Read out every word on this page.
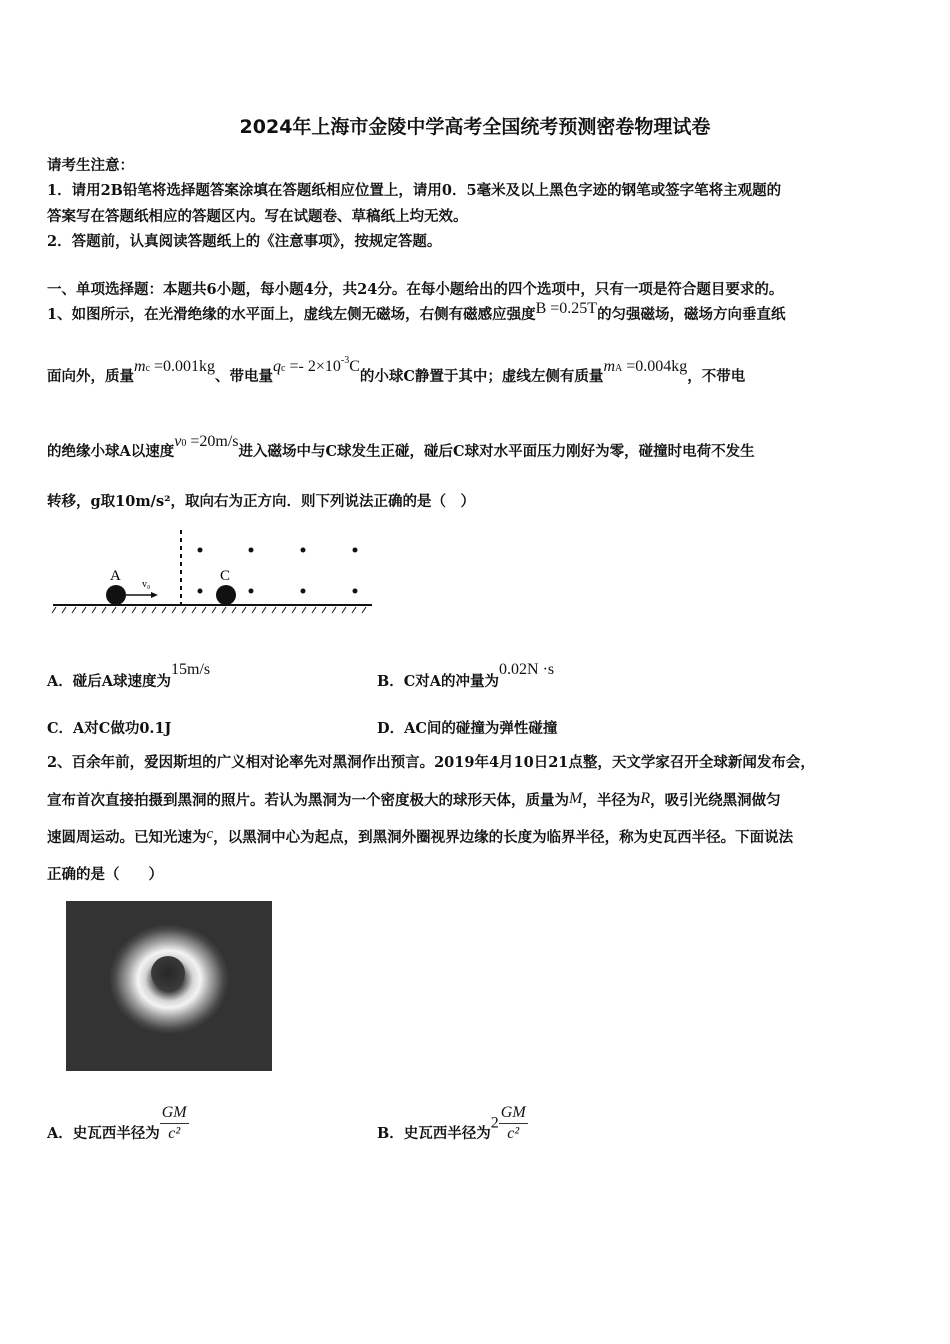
2024年上海市金陵中学高考全国统考预测密卷物理试卷
请考生注意：
1．请用2B铅笔将选择题答案涂填在答题纸相应位置上，请用0．5毫米及以上黑色字迹的钢笔或签字笔将主观题的
答案写在答题纸相应的答题区内。写在试题卷、草稿纸上均无效。
2．答题前，认真阅读答题纸上的《注意事项》，按规定答题。
一、单项选择题：本题共6小题，每小题4分，共24分。在每小题给出的四个选项中，只有一项是符合题目要求的。
1、如图所示，在光滑绝缘的水平面上，虚线左侧无磁场，右侧有磁感应强度B =0.25T的匀强磁场，磁场方向垂直纸
面向外，质量mc =0.001kg、带电量qc =- $2\times 10^{-3}C$的小球C静置于其中；虚线左侧有质量mA =0.004kg，不带电
的绝缘小球A以速度v0 =20m/s进入磁场中与C球发生正碰，碰后C球对水平面压力刚好为零，碰撞时电荷不发生
转移，g取10m/s²，取向右为正方向．则下列说法正确的是（　）
A	C
v₀
A．碰后A球速度为15m/s
B．C对A的冲量为0.02N ·s
C．A对C做功0.1J	D．AC间的碰撞为弹性碰撞
2、百余年前，爱因斯坦的广义相对论率先对黑洞作出预言。2019年4月10日21点整，天文学家召开全球新闻发布会，
宣布首次直接拍摄到黑洞的照片。若认为黑洞为一个密度极大的球形天体，质量为M，半径为R，吸引光绕黑洞做匀
速圆周运动。已知光速为c，以黑洞中心为起点，到黑洞外圈视界边缘的长度为临界半径，称为史瓦西半径。下面说法
正确的是（　　）
A．史瓦西半径为 $\frac{GM}{\text{c²}}$	B．史瓦西半径为$2 \frac{GM}{\text{c²}}$
